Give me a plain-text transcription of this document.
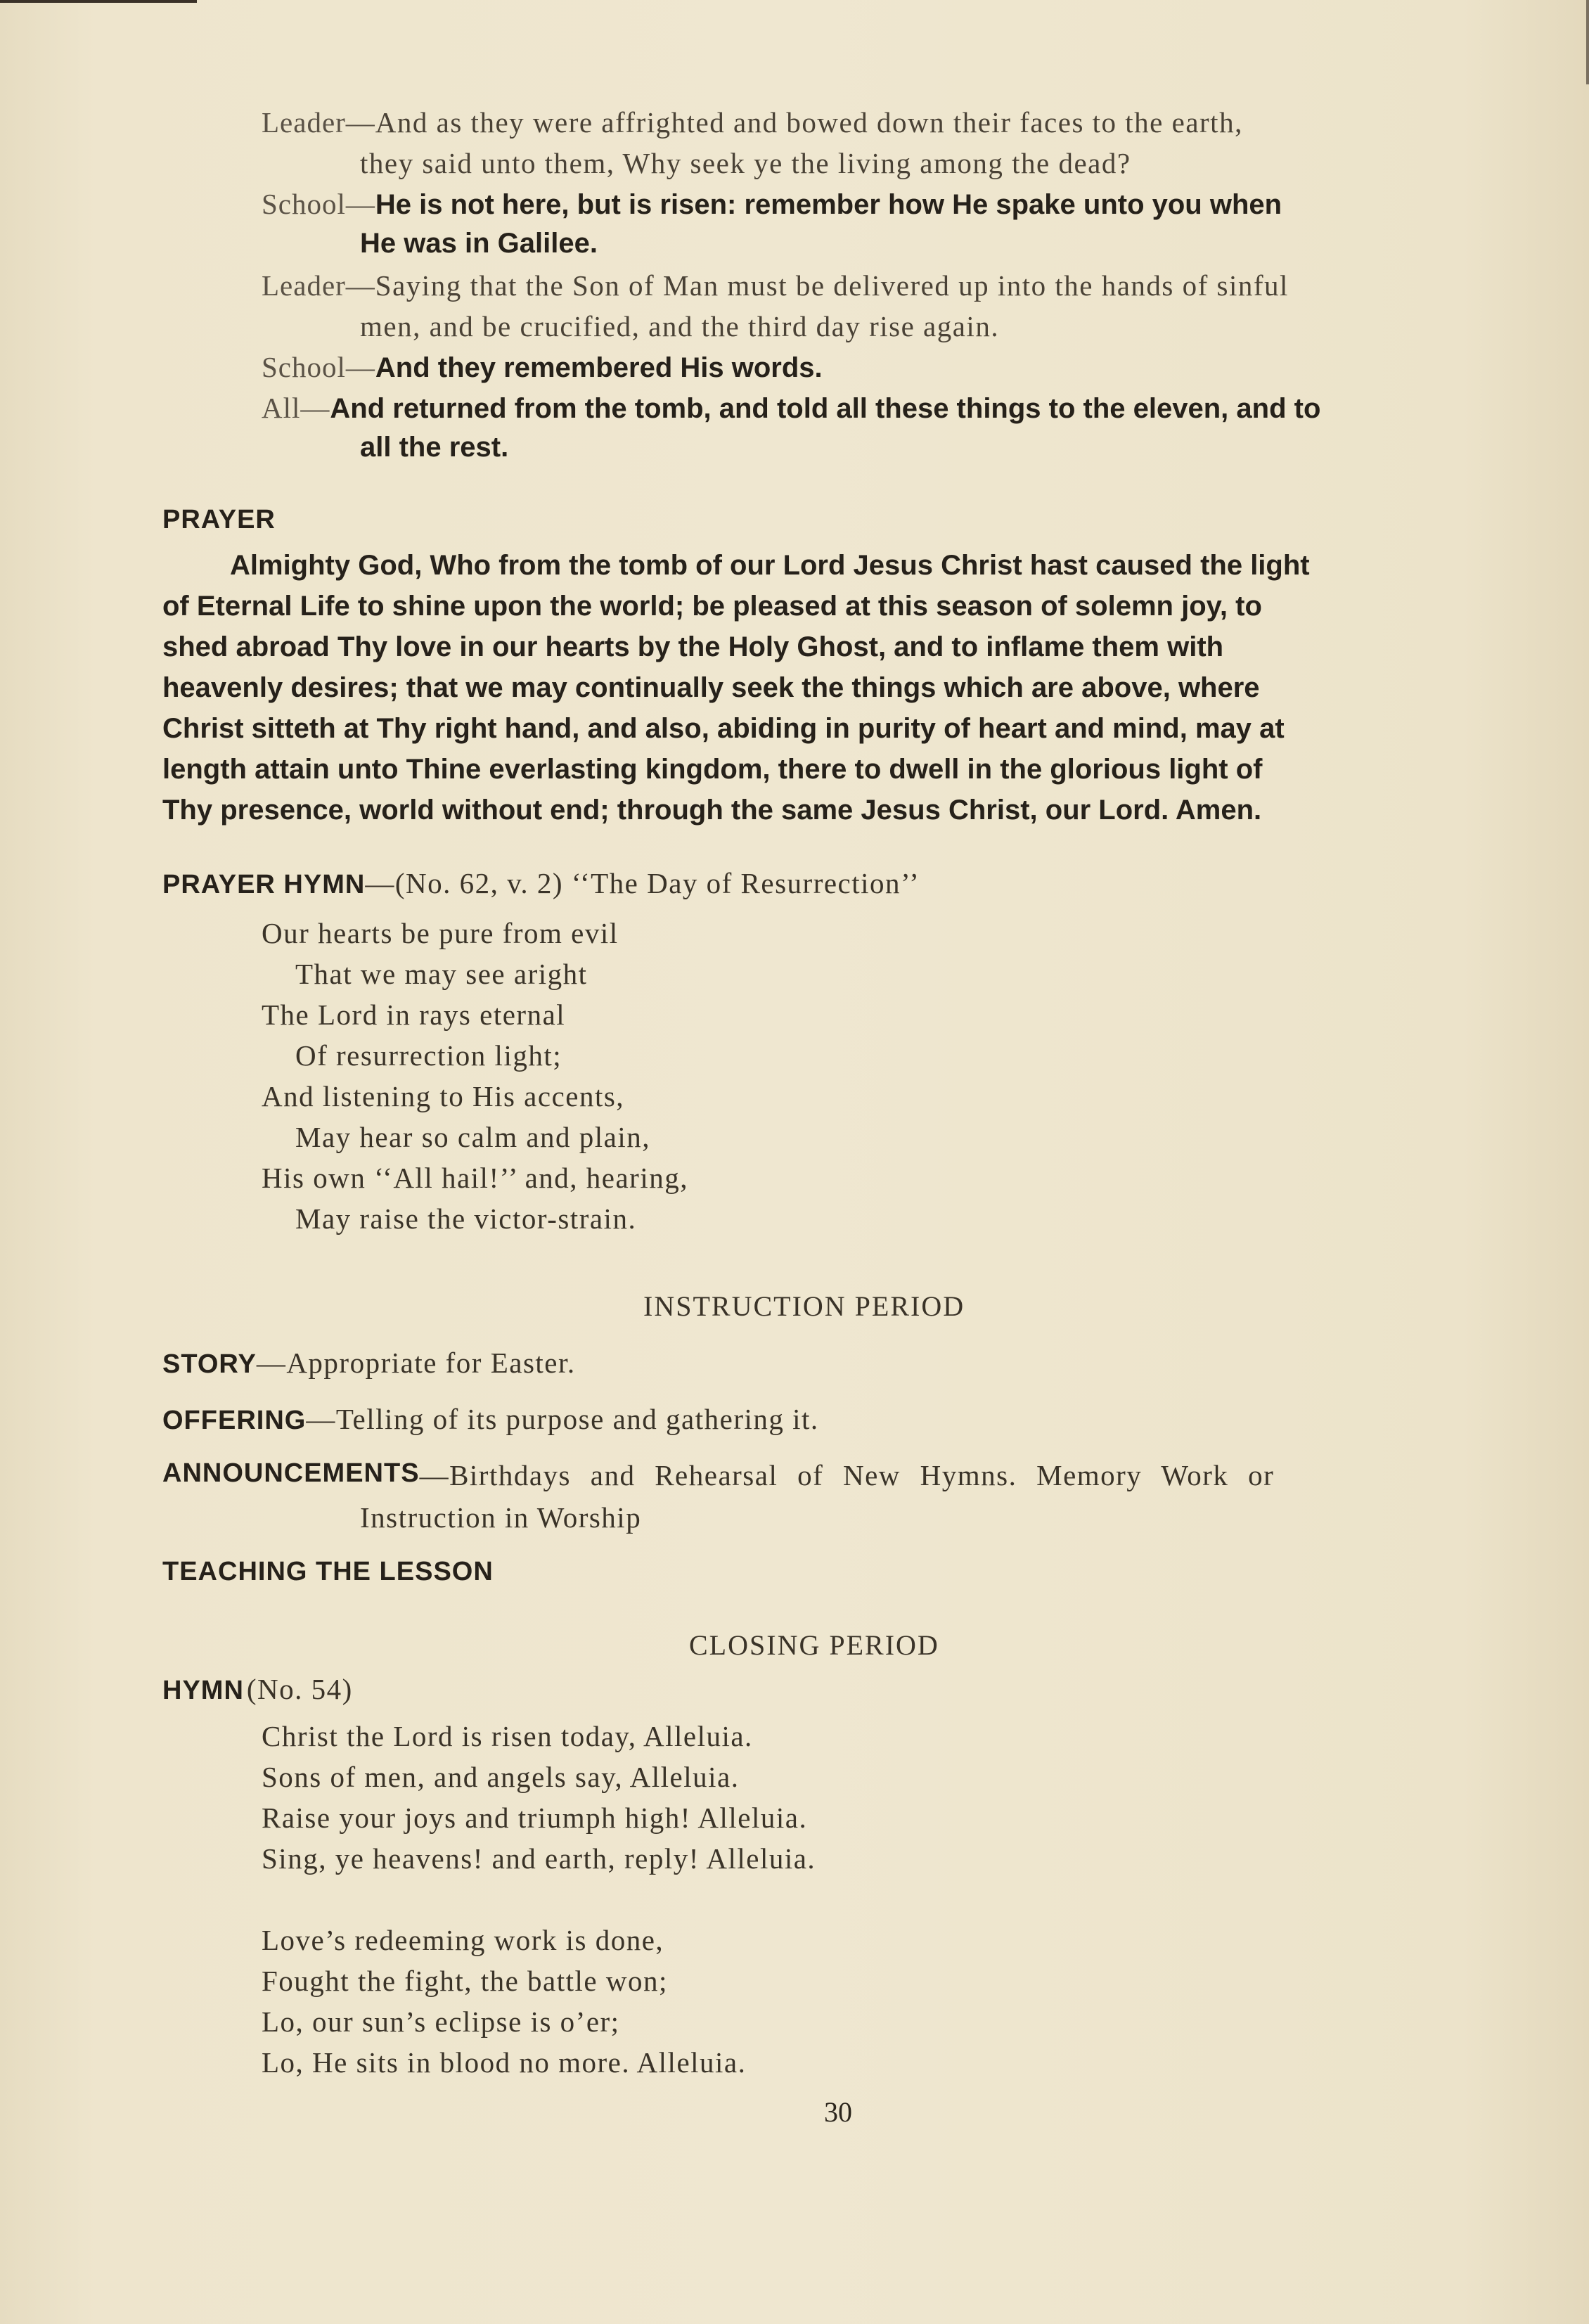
Leader—And as they were affrighted and bowed down their faces to the earth,
they said unto them, Why seek ye the living among the dead?
School—He is not here, but is risen: remember how He spake unto you when
He was in Galilee.
Leader—Saying that the Son of Man must be delivered up into the hands of sinful
men, and be crucified, and the third day rise again.
School—And they remembered His words.
All—And returned from the tomb, and told all these things to the eleven, and to
all the rest.
PRAYER
Almighty God, Who from the tomb of our Lord Jesus Christ hast caused the light
of Eternal Life to shine upon the world; be pleased at this season of solemn joy, to
shed abroad Thy love in our hearts by the Holy Ghost, and to inflame them with
heavenly desires; that we may continually seek the things which are above, where
Christ sitteth at Thy right hand, and also, abiding in purity of heart and mind, may at
length attain unto Thine everlasting kingdom, there to dwell in the glorious light of
Thy presence, world without end; through the same Jesus Christ, our Lord. Amen.
PRAYER HYMN—(No. 62, v. 2) ‘‘The Day of Resurrection’’
Our hearts be pure from evil
That we may see aright
The Lord in rays eternal
Of resurrection light;
And listening to His accents,
May hear so calm and plain,
His own ‘‘All hail!’’ and, hearing,
May raise the victor-strain.
INSTRUCTION PERIOD
STORY—Appropriate for Easter.
OFFERING—Telling of its purpose and gathering it.
ANNOUNCEMENTS —Birthdays and Rehearsal of New Hymns. Memory Work or
Instruction in Worship
TEACHING THE LESSON
CLOSING PERIOD
HYMN (No. 54)
Christ the Lord is risen today, Alleluia.
Sons of men, and angels say, Alleluia.
Raise your joys and triumph high! Alleluia.
Sing, ye heavens! and earth, reply! Alleluia.
Love’s redeeming work is done,
Fought the fight, the battle won;
Lo, our sun’s eclipse is o’er;
Lo, He sits in blood no more. Alleluia.
30
